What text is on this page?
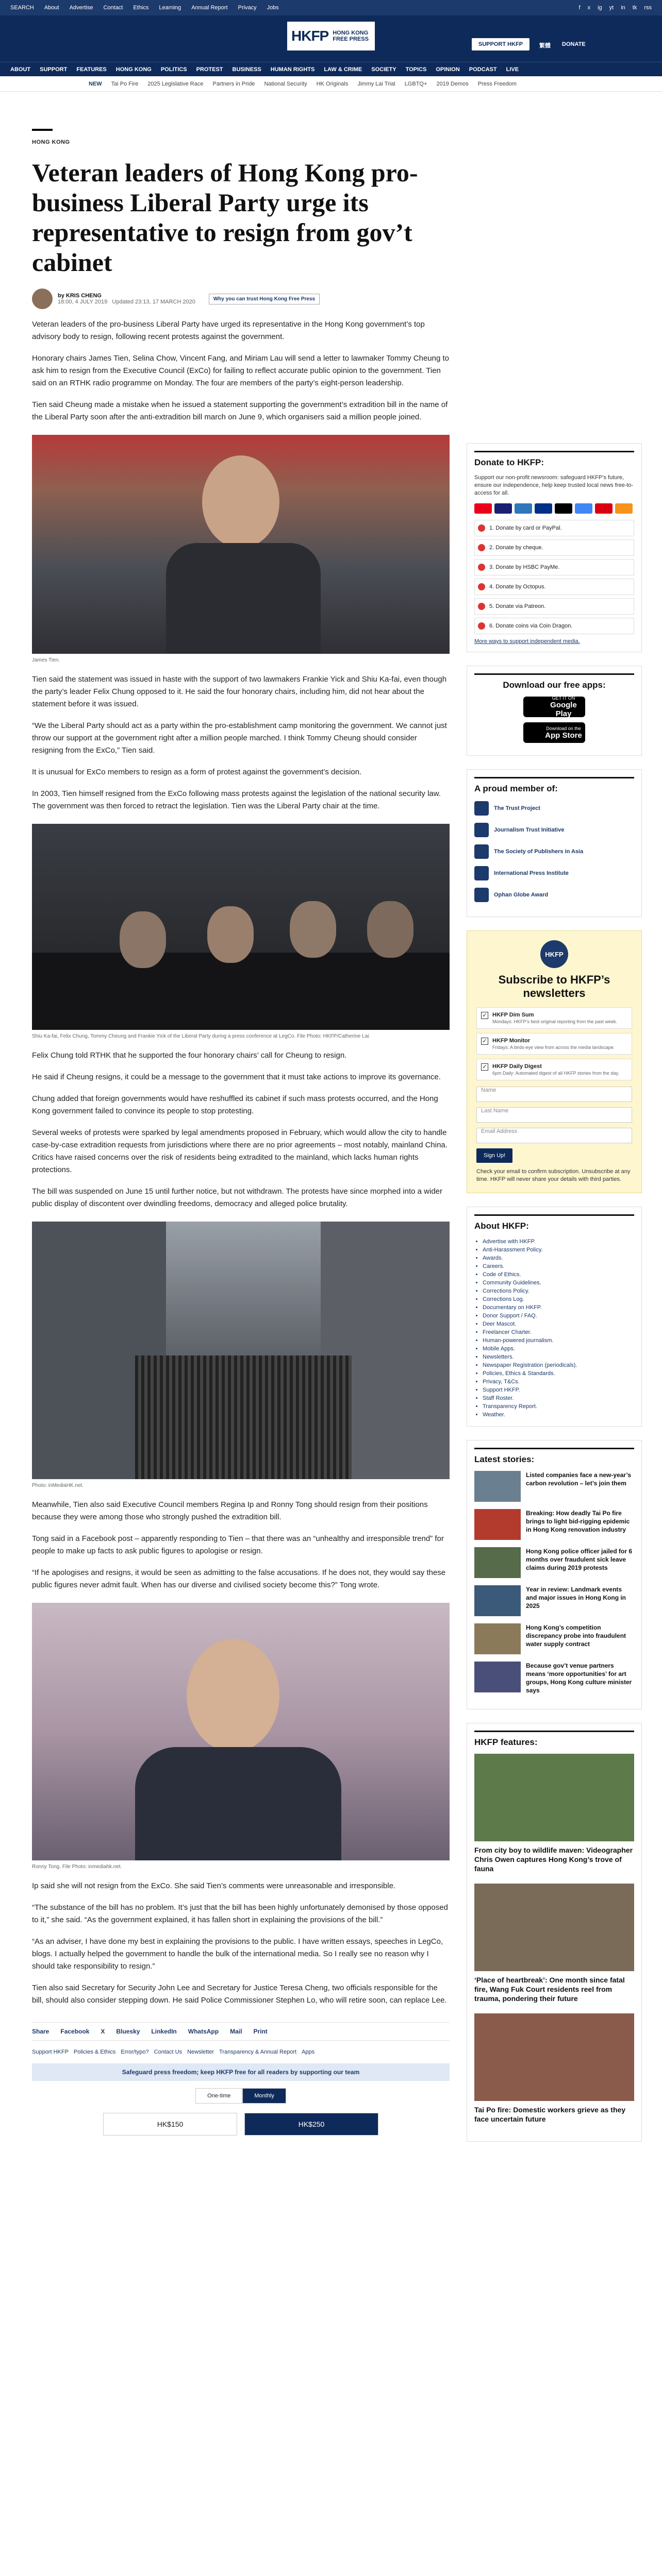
SEARCH About Advertise Contact Ethics Learning Annual Report Privacy Jobs	f x ig yt in tk rss
HKFP HONG KONG FREE PRESS
SUPPORT HKFP	繁體 DONATE
ABOUT SUPPORT FEATURES HONG KONG POLITICS PROTEST BUSINESS HUMAN RIGHTS LAW & CRIME SOCIETY TOPICS OPINION PODCAST LIVE
NEW Tai Po Fire 2025 Legislative Race Partners in Pride National Security HK Originals Jimmy Lai Trial LGBTQ+ 2019 Demos Press Freedom
HONG KONG
Veteran leaders of Hong Kong pro-business Liberal Party urge its representative to resign from gov’t cabinet
by KRIS CHENG
18:00, 4 JULY 2019 Updated 23:13, 17 MARCH 2020	Why you can trust Hong Kong Free Press

Veteran leaders of the pro-business Liberal Party have urged its representative in the Hong Kong government’s top advisory body to resign, following recent protests against the government.

Honorary chairs James Tien, Selina Chow, Vincent Fang, and Miriam Lau will send a letter to lawmaker Tommy Cheung to ask him to resign from the Executive Council (ExCo) for failing to reflect accurate public opinion to the government. Tien said on an RTHK radio programme on Monday. The four are members of the party’s eight-person leadership.

Tien said Cheung made a mistake when he issued a statement supporting the government’s extradition bill in the name of the Liberal Party soon after the anti-extradition bill march on June 9, which organisers said a million people joined.

James Tien.

Tien said the statement was issued in haste with the support of two lawmakers Frankie Yick and Shiu Ka-fai, even though the party’s leader Felix Chung opposed to it. He said the four honorary chairs, including him, did not hear about the statement before it was issued.

“We the Liberal Party should act as a party within the pro-establishment camp monitoring the government. We cannot just throw our support at the government right after a million people marched. I think Tommy Cheung should consider resigning from the ExCo,” Tien said.

It is unusual for ExCo members to resign as a form of protest against the government’s decision.

In 2003, Tien himself resigned from the ExCo following mass protests against the legislation of the national security law. The government was then forced to retract the legislation. Tien was the Liberal Party chair at the time.

Shiu Ka-fai, Felix Chung, Tommy Cheung and Frankie Yick of the Liberal Party during a press conference at LegCo. File Photo: HKFP/Catherine Lai.

Felix Chung told RTHK that he supported the four honorary chairs’ call for Cheung to resign.

He said if Cheung resigns, it could be a message to the government that it must take actions to improve its governance.

Chung added that foreign governments would have reshuffled its cabinet if such mass protests occurred, and the Hong Kong government failed to convince its people to stop protesting.

Several weeks of protests were sparked by legal amendments proposed in February, which would allow the city to handle case-by-case extradition requests from jurisdictions where there are no prior agreements – most notably, mainland China. Critics have raised concerns over the risk of residents being extradited to the mainland, which lacks human rights protections.

The bill was suspended on June 15 until further notice, but not withdrawn. The protests have since morphed into a wider public display of discontent over dwindling freedoms, democracy and alleged police brutality.

Photo: inMediaHK.net.

Meanwhile, Tien also said Executive Council members Regina Ip and Ronny Tong should resign from their positions because they were among those who strongly pushed the extradition bill.

Tong said in a Facebook post – apparently responding to Tien – that there was an “unhealthy and irresponsible trend” for people to make up facts to ask public figures to apologise or resign.

“If he apologises and resigns, it would be seen as admitting to the false accusations. If he does not, they would say these public figures never admit fault. When has our diverse and civilised society become this?” Tong wrote.

Ronny Tong. File Photo: inmediahk.net.

Ip said she will not resign from the ExCo. She said Tien’s comments were unreasonable and irresponsible.

“The substance of the bill has no problem. It’s just that the bill has been highly unfortunately demonised by those opposed to it,” she said. “As the government explained, it has fallen short in explaining the provisions of the bill.”

“As an adviser, I have done my best in explaining the provisions to the public. I have written essays, speeches in LegCo, blogs. I actually helped the government to handle the bulk of the international media. So I really see no reason why I should take responsibility to resign.”

Tien also said Secretary for Security John Lee and Secretary for Justice Teresa Cheng, two officials responsible for the bill, should also consider stepping down. He said Police Commissioner Stephen Lo, who will retire soon, can replace Lee.

Share Facebook X Bluesky LinkedIn WhatsApp Mail Print
Support HKFP Policies & Ethics Error/typo? Contact Us Newsletter Transparency & Annual Report Apps
Safeguard press freedom; keep HKFP free for all readers by supporting our team
One-time	Monthly
HK$150	HK$250
Donate to HKFP:
Support our non-profit newsroom: safeguard HKFP’s future, ensure our independence, help keep trusted local news free-to-access for all.
1. Donate by card or PayPal.
2. Donate by cheque.
3. Donate by HSBC PayMe.
4. Donate by Octopus.
5. Donate via Patreon.
6. Donate coins via Coin Dragon.
More ways to support independent media.
Download our free apps:
GET IT ON
Google Play
Download on the
App Store
A proud member of:
The Trust Project
Journalism Trust Initiative
The Society of Publishers in Asia
International Press Institute
Ophan Globe Award
HKFP
Subscribe to HKFP’s newsletters
✓ HKFP Dim Sum
Mondays: HKFP’s best original reporting from the past week.
✓ HKFP Monitor
Fridays: A birds-eye view from across the media landscape.
✓ HKFP Daily Digest
6pm Daily: Automated digest of all HKFP stories from the day.
Name
Last Name
Email Address
Sign Up!
Check your email to confirm subscription. Unsubscribe at any time. HKFP will never share your details with third parties.
About HKFP:
• Advertise with HKFP.
• Anti-Harassment Policy.
• Awards.
• Careers.
• Code of Ethics.
• Community Guidelines.
• Corrections Policy.
• Corrections Log.
• Documentary on HKFP.
• Donor Support / FAQ.
• Deer Mascot.
• Freelancer Charter.
• Human-powered journalism.
• Mobile Apps.
• Newsletters.
• Newspaper Registration (periodicals).
• Policies, Ethics & Standards.
• Privacy, T&Cs.
• Support HKFP.
• Staff Roster.
• Transparency Report.
• Weather.
Latest stories:
Listed companies face a new-year’s carbon revolution – let’s join them
Breaking: How deadly Tai Po fire brings to light bid-rigging epidemic in Hong Kong renovation industry
Hong Kong police officer jailed for 6 months over fraudulent sick leave claims during 2019 protests
Year in review: Landmark events and major issues in Hong Kong in 2025
Hong Kong’s competition discrepancy probe into fraudulent water supply contract
Because gov’t venue partners means ‘more opportunities’ for art groups, Hong Kong culture minister says
HKFP features:
From city boy to wildlife maven: Videographer Chris Owen captures Hong Kong’s trove of fauna
‘Place of heartbreak’: One month since fatal fire, Wang Fuk Court residents reel from trauma, pondering their future
Tai Po fire: Domestic workers grieve as they face uncertain future
